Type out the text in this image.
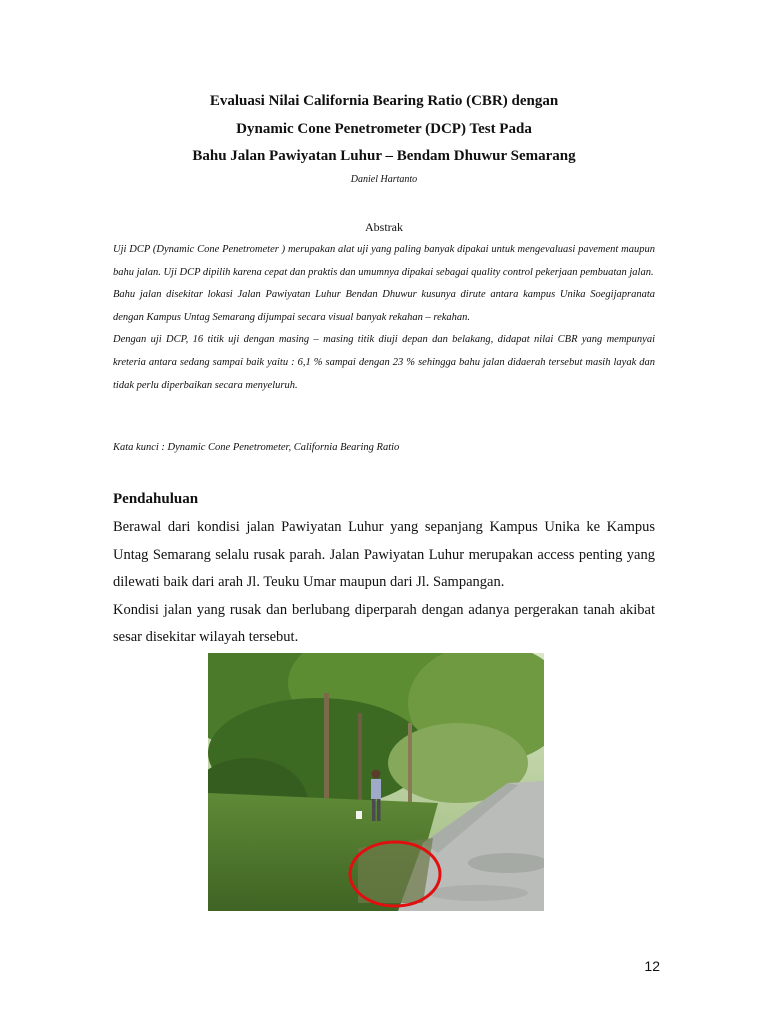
Evaluasi Nilai California Bearing Ratio (CBR) dengan
Dynamic Cone Penetrometer (DCP) Test Pada
Bahu Jalan Pawiyatan Luhur – Bendam Dhuwur Semarang
Daniel Hartanto
Abstrak

Uji DCP (Dynamic Cone Penetrometer ) merupakan alat uji yang paling banyak dipakai untuk mengevaluasi pavement maupun bahu jalan. Uji DCP dipilih karena cepat dan praktis dan umumnya dipakai sebagai quality control pekerjaan pembuatan jalan.

Bahu jalan disekitar lokasi Jalan Pawiyatan Luhur Bendan Dhuwur kusunya dirute antara kampus Unika Soegijapranata dengan Kampus Untag Semarang dijumpai secara visual banyak rekahan – rekahan.

Dengan uji DCP, 16 titik uji dengan masing – masing titik diuji depan dan belakang, didapat nilai CBR yang mempunyai kreteria antara sedang sampai baik yaitu : 6,1 % sampai dengan 23 % sehingga bahu jalan didaerah tersebut masih layak dan tidak perlu diperbaikan secara menyeluruh.

Kata kunci : Dynamic Cone Penetrometer, California Bearing Ratio
Pendahuluan

Berawal dari kondisi jalan Pawiyatan Luhur yang sepanjang Kampus Unika ke Kampus Untag Semarang selalu rusak parah. Jalan Pawiyatan Luhur merupakan access penting yang dilewati baik dari arah Jl. Teuku Umar maupun dari Jl. Sampangan.

Kondisi jalan yang rusak dan berlubang diperparah dengan adanya pergerakan tanah akibat sesar disekitar wilayah tersebut.

12
